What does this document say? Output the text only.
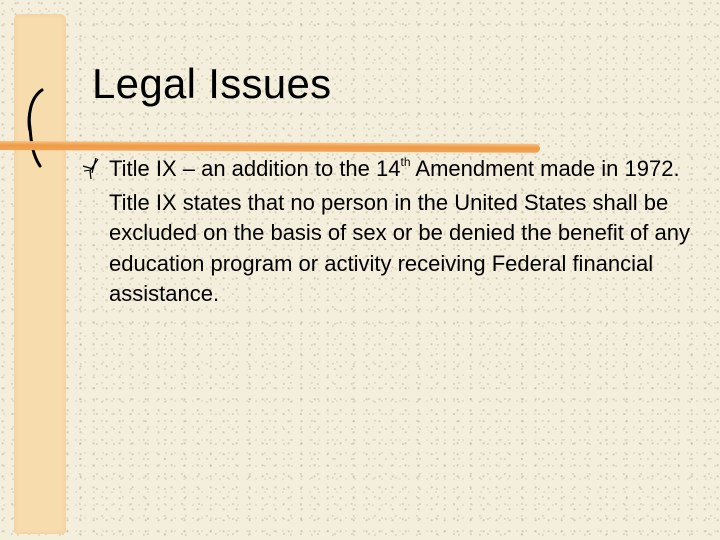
Legal Issues

Title IX – an addition to the 14th Amendment made in 1972. Title IX states that no person in the United States shall be excluded on the basis of sex or be denied the benefit of any education program or activity receiving Federal financial assistance.
